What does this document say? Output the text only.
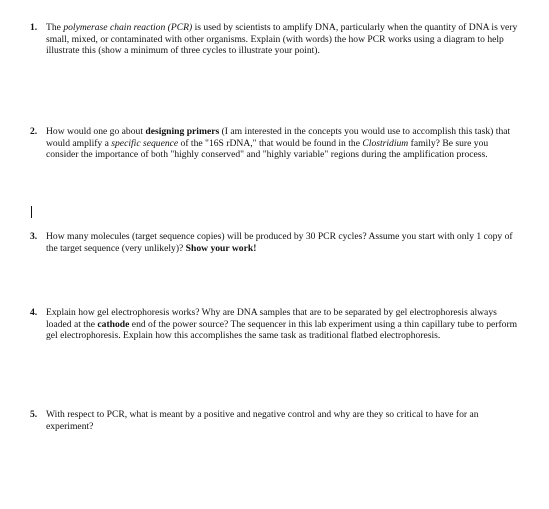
1. The polymerase chain reaction (PCR) is used by scientists to amplify DNA, particularly when the quantity of DNA is very small, mixed, or contaminated with other organisms. Explain (with words) the how PCR works using a diagram to help illustrate this (show a minimum of three cycles to illustrate your point).
2. How would one go about designing primers (I am interested in the concepts you would use to accomplish this task) that would amplify a specific sequence of the "16S rDNA," that would be found in the Clostridium family? Be sure you consider the importance of both "highly conserved" and "highly variable" regions during the amplification process.
3. How many molecules (target sequence copies) will be produced by 30 PCR cycles? Assume you start with only 1 copy of the target sequence (very unlikely)? Show your work!
4. Explain how gel electrophoresis works? Why are DNA samples that are to be separated by gel electrophoresis always loaded at the cathode end of the power source? The sequencer in this lab experiment using a thin capillary tube to perform gel electrophoresis. Explain how this accomplishes the same task as traditional flatbed electrophoresis.
5. With respect to PCR, what is meant by a positive and negative control and why are they so critical to have for an experiment?
